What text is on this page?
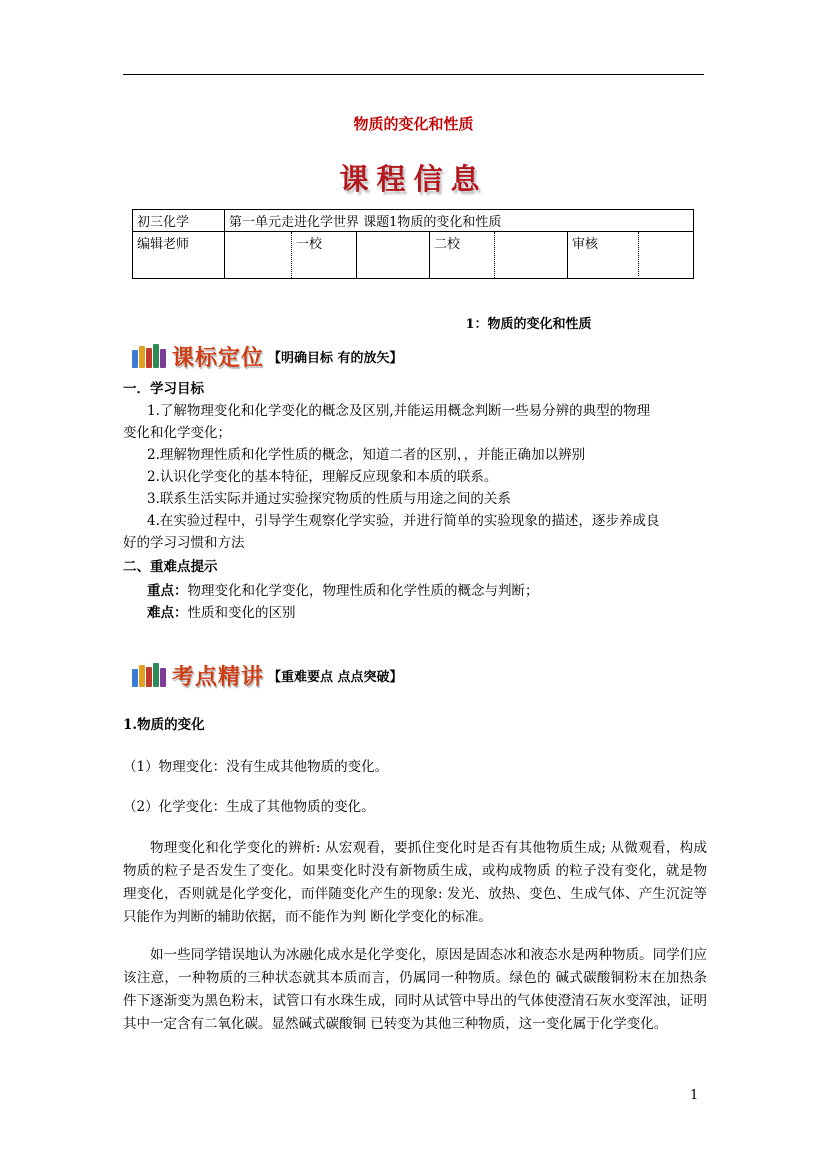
物质的变化和性质
课程信息
初三化学	第一单元走进化学世界 课题1物质的变化和性质					
编辑老师		一校		二校		审核
1：物质的变化和性质
课标定位 【明确目标 有的放矢】
一．学习目标
1.了解物理变化和化学变化的概念及区别,并能运用概念判断一些易分辨的典型的物理
变化和化学变化；
2.理解物理性质和化学性质的概念，知道二者的区别，，并能正确加以辨别
2.认识化学变化的基本特征，理解反应现象和本质的联系。
3.联系生活实际并通过实验探究物质的性质与用途之间的关系
4.在实验过程中，引导学生观察化学实验，并进行简单的实验现象的描述，逐步养成良
好的学习习惯和方法
二、重难点提示
重点：物理变化和化学变化，物理性质和化学性质的概念与判断；
难点：性质和变化的区别
考点精讲 【重难要点 点点突破】
1.物质的变化
（1）物理变化：没有生成其他物质的变化。
（2）化学变化：生成了其他物质的变化。
物理变化和化学变化的辨析: 从宏观看，要抓住变化时是否有其他物质生成; 从微观看，构成物质的粒子是否发生了变化。如果变化时没有新物质生成，或构成物质 的粒子没有变化，就是物理变化，否则就是化学变化，而伴随变化产生的现象: 发光、放热、变色、生成气体、产生沉淀等只能作为判断的辅助依据，而不能作为判 断化学变化的标准。
如一些同学错误地认为冰融化成水是化学变化，原因是固态冰和液态水是两种物质。同学们应该注意，一种物质的三种状态就其本质而言，仍属同一种物质。绿色的 碱式碳酸铜粉末在加热条件下逐渐变为黑色粉末，试管口有水珠生成，同时从试管中导出的气体使澄清石灰水变浑浊，证明其中一定含有二氧化碳。显然碱式碳酸铜 已转变为其他三种物质，这一变化属于化学变化。
1
